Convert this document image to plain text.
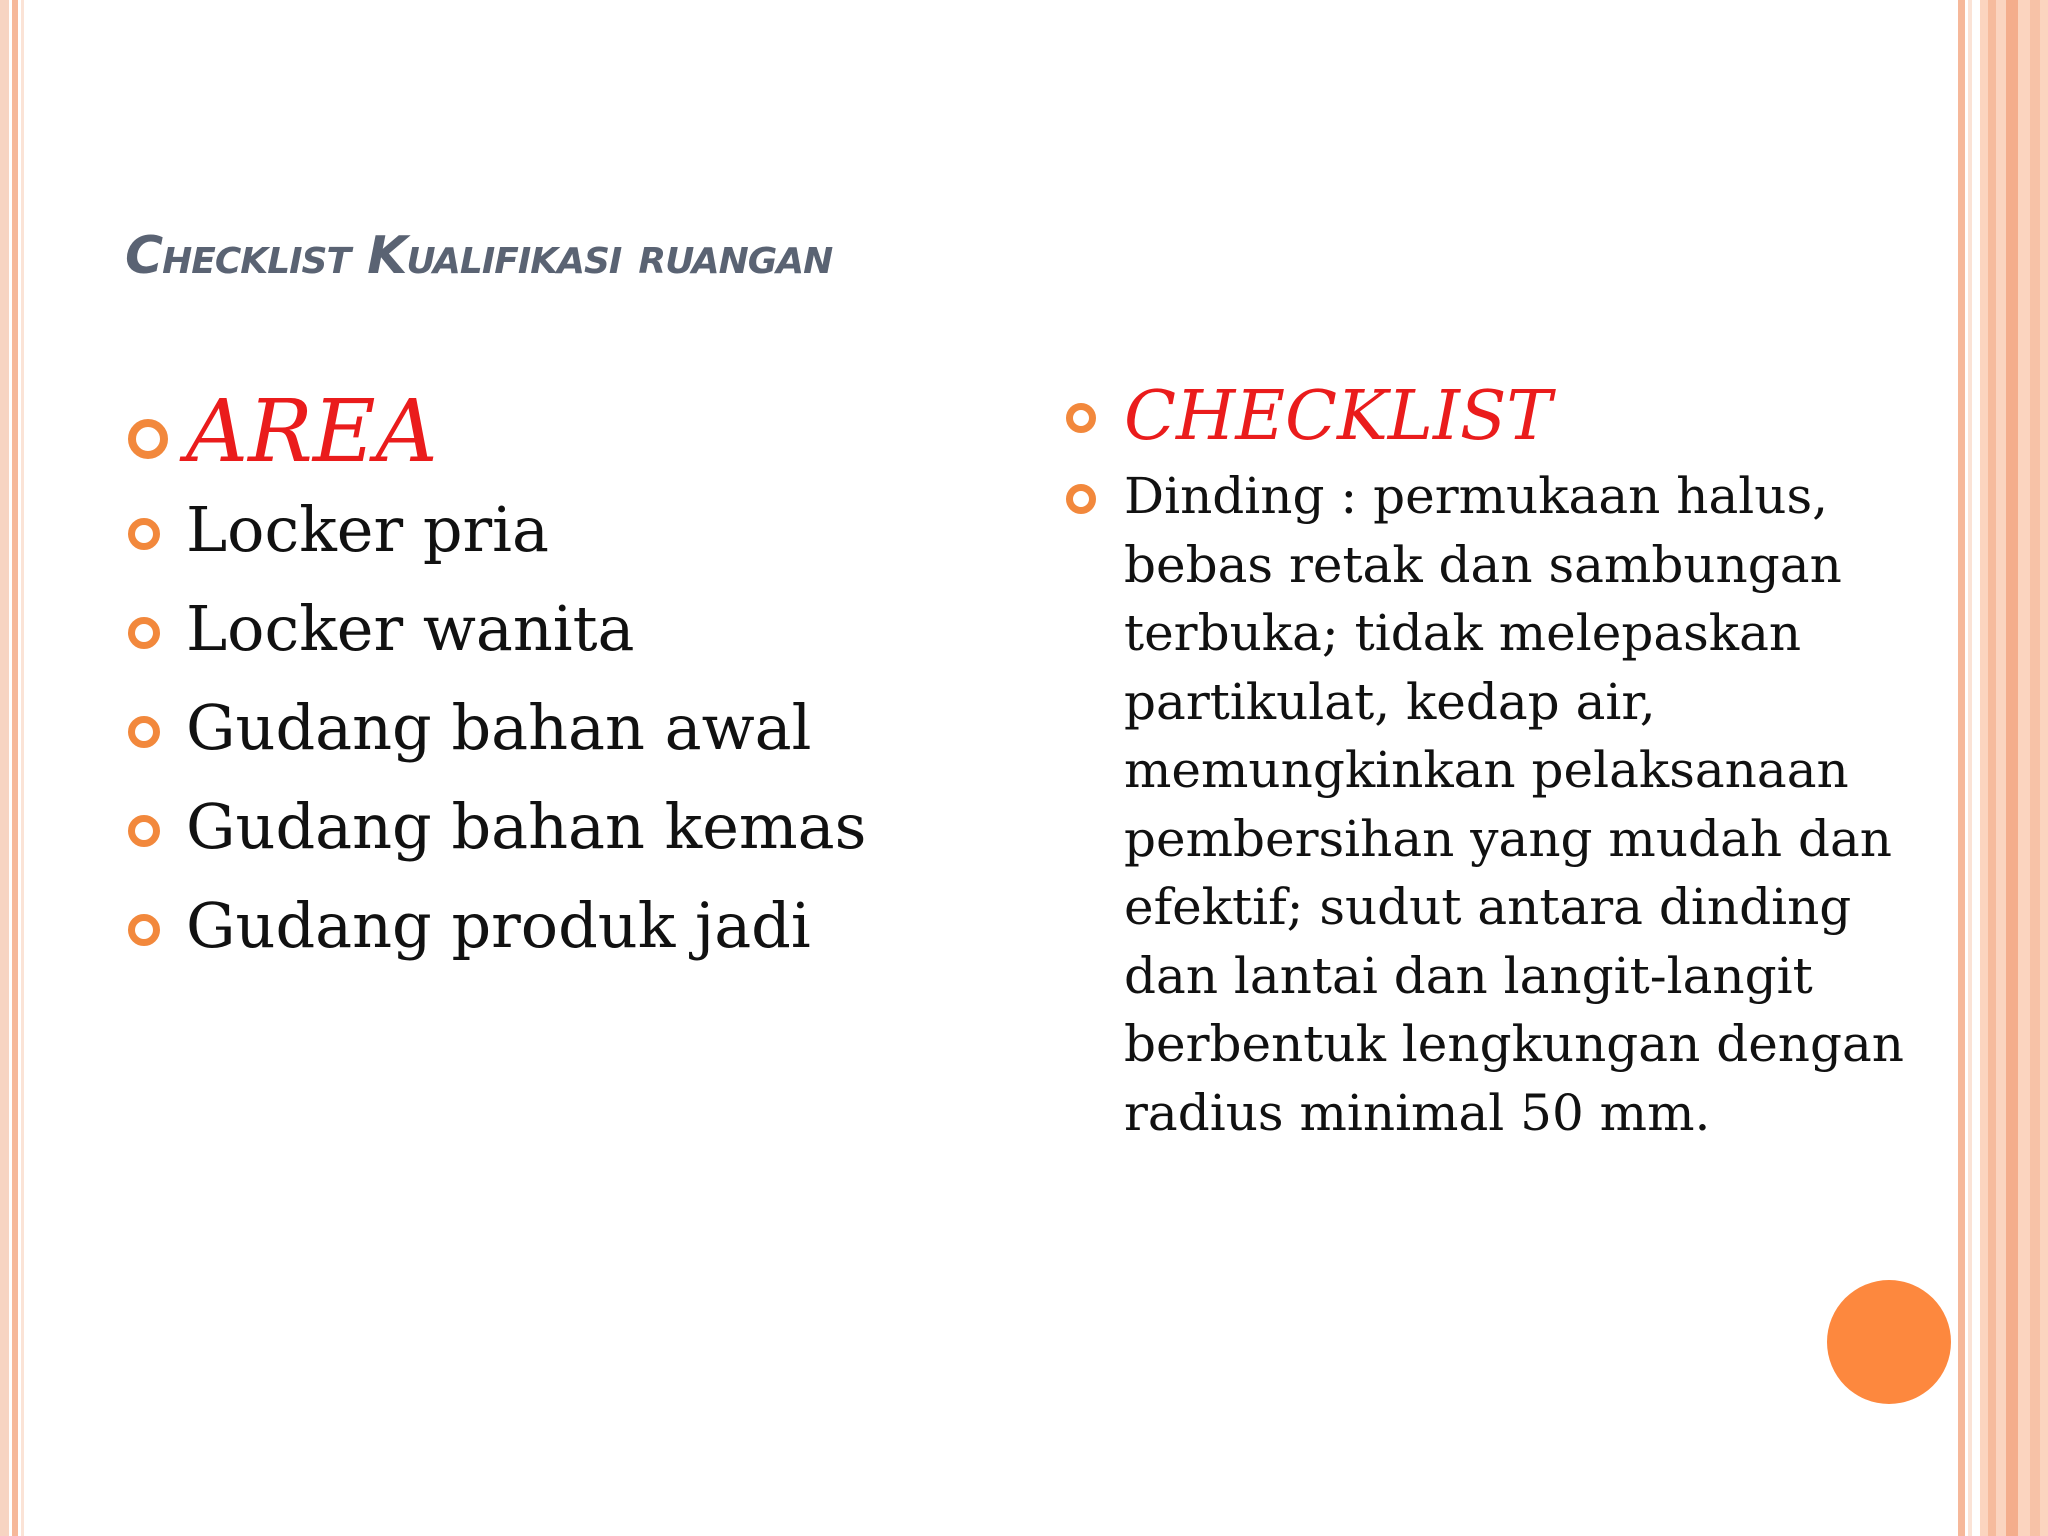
Checklist Kualifikasi ruangan
AREA
Locker pria
Locker wanita
Gudang bahan awal
Gudang bahan kemas
Gudang produk jadi
CHECKLIST
Dinding : permukaan halus, bebas retak dan sambungan terbuka; tidak melepaskan partikulat, kedap air, memungkinkan pelaksanaan pembersihan yang mudah dan efektif; sudut antara dinding dan lantai dan langit-langit berbentuk lengkungan dengan radius minimal 50 mm.
